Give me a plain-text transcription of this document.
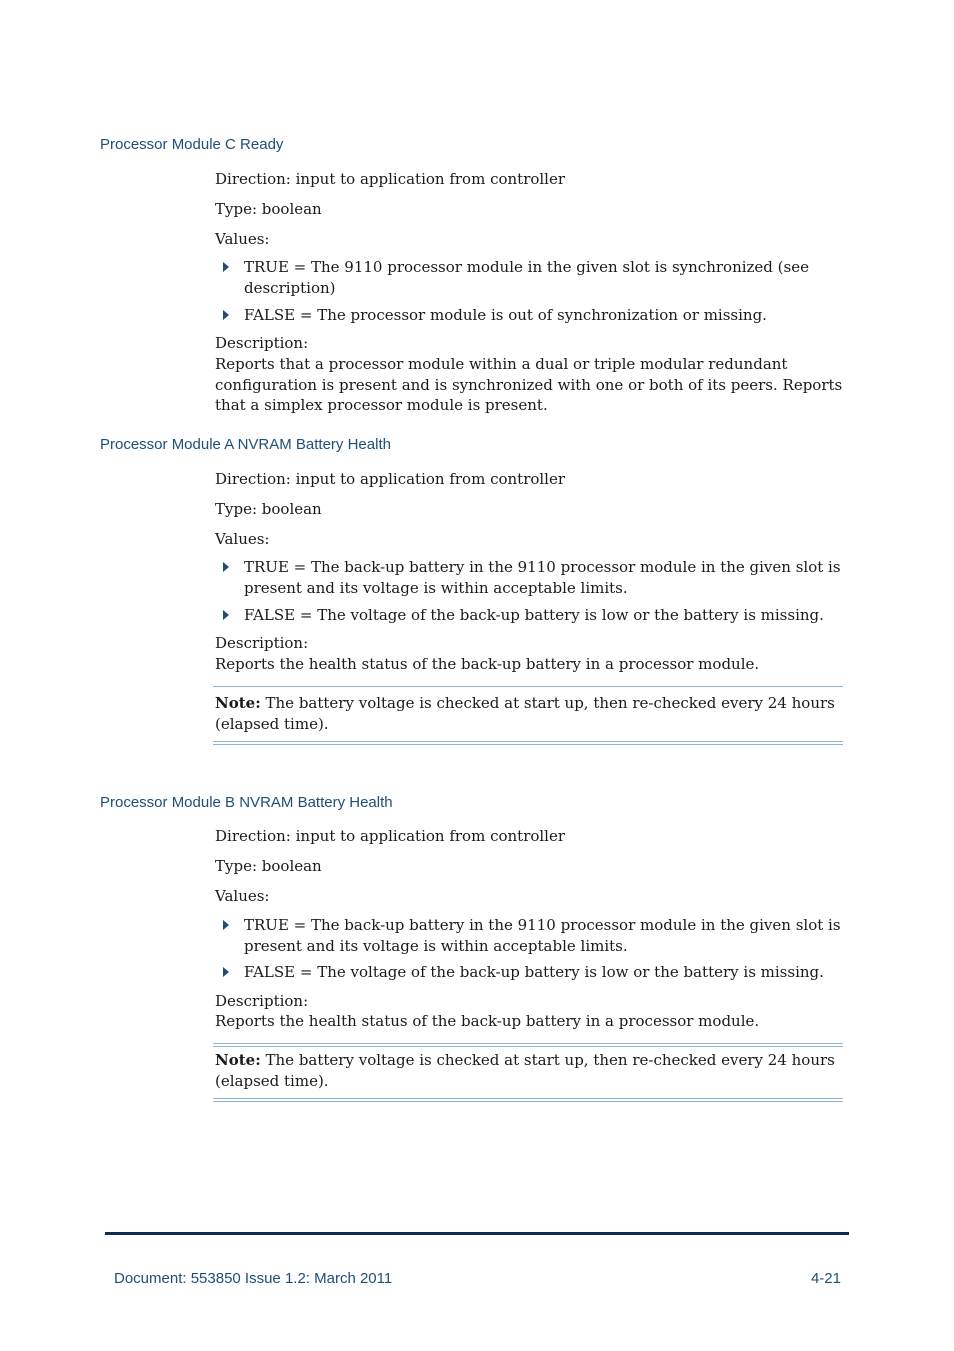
Processor Module C Ready
Direction: input to application from controller
Type: boolean
Values:
TRUE = The 9110 processor module in the given slot is synchronized (see description)
FALSE = The processor module is out of synchronization or missing.
Description:
Reports that a processor module within a dual or triple modular redundant configuration is present and is synchronized with one or both of its peers. Reports that a simplex processor module is present.
Processor Module A NVRAM Battery Health
Direction: input to application from controller
Type: boolean
Values:
TRUE = The back-up battery in the 9110 processor module in the given slot is present and its voltage is within acceptable limits.
FALSE = The voltage of the back-up battery is low or the battery is missing.
Description:
Reports the health status of the back-up battery in a processor module.
Note: The battery voltage is checked at start up, then re-checked every 24 hours (elapsed time).
Processor Module B NVRAM Battery Health
Direction: input to application from controller
Type: boolean
Values:
TRUE = The back-up battery in the 9110 processor module in the given slot is present and its voltage is within acceptable limits.
FALSE = The voltage of the back-up battery is low or the battery is missing.
Description:
Reports the health status of the back-up battery in a processor module.
Note: The battery voltage is checked at start up, then re-checked every 24 hours (elapsed time).
Document: 553850 Issue 1.2: March 2011	4-21
